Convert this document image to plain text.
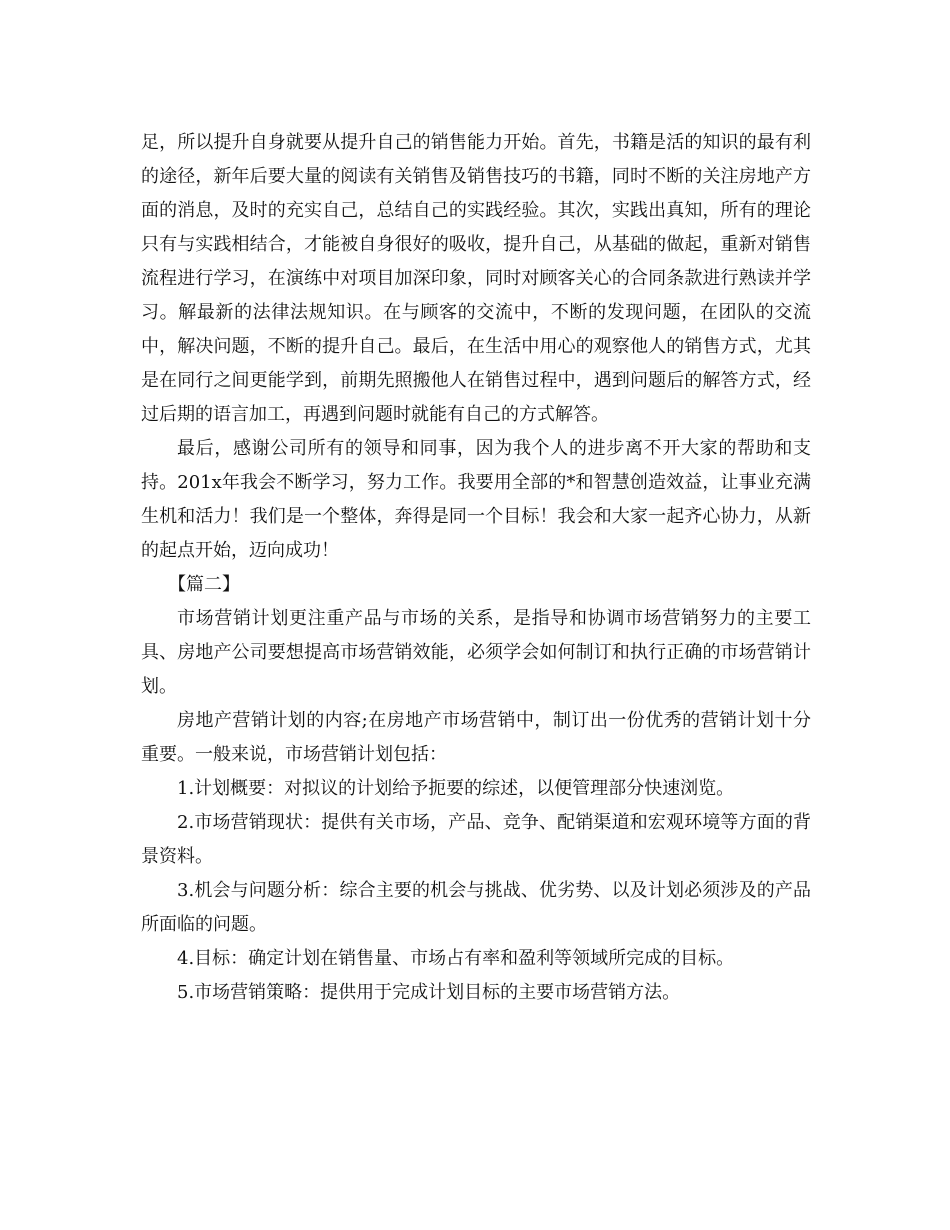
足，所以提升自身就要从提升自己的销售能力开始。首先，书籍是活的知识的最有利的途径，新年后要大量的阅读有关销售及销售技巧的书籍，同时不断的关注房地产方面的消息，及时的充实自己，总结自己的实践经验。其次，实践出真知，所有的理论只有与实践相结合，才能被自身很好的吸收，提升自己，从基础的做起，重新对销售流程进行学习，在演练中对项目加深印象，同时对顾客关心的合同条款进行熟读并学习。解最新的法律法规知识。在与顾客的交流中，不断的发现问题，在团队的交流中，解决问题，不断的提升自己。最后，在生活中用心的观察他人的销售方式，尤其是在同行之间更能学到，前期先照搬他人在销售过程中，遇到问题后的解答方式，经过后期的语言加工，再遇到问题时就能有自己的方式解答。

最后，感谢公司所有的领导和同事，因为我个人的进步离不开大家的帮助和支持。201x年我会不断学习，努力工作。我要用全部的*和智慧创造效益，让事业充满生机和活力！我们是一个整体，奔得是同一个目标！我会和大家一起齐心协力，从新的起点开始，迈向成功！

【篇二】

市场营销计划更注重产品与市场的关系，是指导和协调市场营销努力的主要工具、房地产公司要想提高市场营销效能，必须学会如何制订和执行正确的市场营销计划。

房地产营销计划的内容;在房地产市场营销中，制订出一份优秀的营销计划十分重要。一般来说，市场营销计划包括：

1.计划概要：对拟议的计划给予扼要的综述，以便管理部分快速浏览。

2.市场营销现状：提供有关市场，产品、竞争、配销渠道和宏观环境等方面的背景资料。

3.机会与问题分析：综合主要的机会与挑战、优劣势、以及计划必须涉及的产品所面临的问题。

4.目标：确定计划在销售量、市场占有率和盈利等领域所完成的目标。

5.市场营销策略：提供用于完成计划目标的主要市场营销方法。
